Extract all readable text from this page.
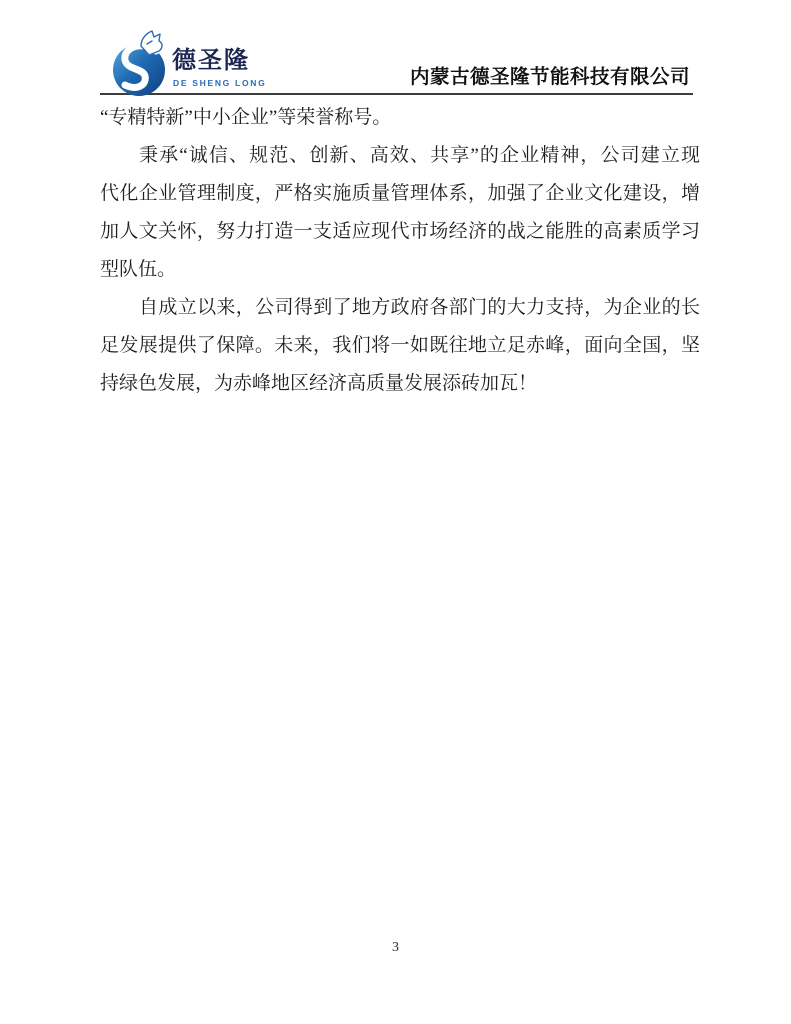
德圣隆
DE SHENG LONG	内蒙古德圣隆节能科技有限公司
“专精特新”中小企业”等荣誉称号。
秉承“诚信、规范、创新、高效、共享”的企业精神，公司建立现
代化企业管理制度，严格实施质量管理体系，加强了企业文化建设，增
加人文关怀，努力打造一支适应现代市场经济的战之能胜的高素质学习
型队伍。
自成立以来，公司得到了地方政府各部门的大力支持，为企业的长
足发展提供了保障。未来，我们将一如既往地立足赤峰，面向全国，坚
持绿色发展，为赤峰地区经济高质量发展添砖加瓦！
3
